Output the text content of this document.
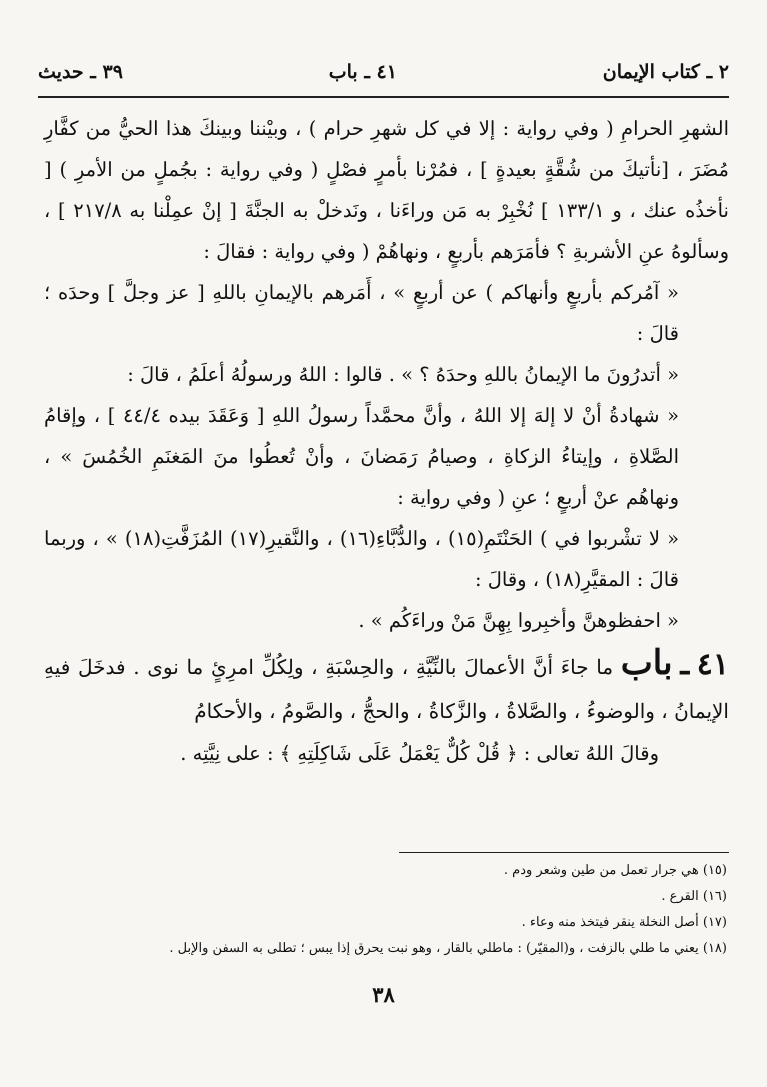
٢ ـ كتاب الإيمان
٤١ ـ باب
٣٩ ـ حديث

الشهرِ الحرامِ ( وفي رواية : إلا في كل شهرِ حرام ) ، وبيْننا وبينكَ هذا الحيُّ من كفَّارِ مُضَرَ ، [نأتيكَ من شُقَّةٍ بعيدةٍ ] ، فمُرْنا بأمرٍ فصْلٍ ( وفي رواية : بجُملٍ من الأمرِ ) [ نأخذُه عنك ، و ١٣٣/١ ] نُخْبِرْ به مَن وراءَنا ، ونَدخلْ به الجنَّةَ [ إنْ عمِلْنا به ٢١٧/٨ ] ، وسألوهُ عنِ الأشربةِ ؟ فأمَرَهم بأربعٍ ، ونهاهُمْ ( وفي رواية : فقالَ :

« آمُركم بأربعٍ وأنهاكم ) عن أربعٍ » ، أَمَرهم بالإيمانِ باللهِ [ عز وجلَّ ] وحدَه ؛ قالَ :

« أتدرُونَ ما الإيمانُ باللهِ وحدَهُ ؟ » . قالوا : اللهُ ورسولُهُ أعلَمُ ، قالَ :

« شهادةُ أنْ لا إلهَ إلا اللهُ ، وأنَّ محمَّداً رسولُ اللهِ [ وَعَقَدَ بيده ٤٤/٤ ] ، وإقامُ الصَّلاةِ ، وإيتاءُ الزكاةِ ، وصيامُ رَمَضانَ ، وأنْ تُعطُوا منَ المَغنَمِ الخُمُسَ » ، ونهاهُم عنْ أربعٍ ؛ عنِ ( وفي رواية :

« لا تشْربوا في ) الحَنْتَمِ(١٥) ، والدُّبَّاءِ(١٦) ، والنَّقيرِ(١٧) المُزَفَّتِ(١٨) » ، وربما قالَ : المقيَّرِ(١٨) ، وقالَ :

« احفظوهنَّ وأخبِروا بِهِنَّ مَنْ وراءَكُم » .

٤١ ـ باب ما جاءَ أنَّ الأعمالَ بالنِّيَّةِ ، والحِسْبَةِ ، ولِكُلِّ امرِئٍ ما نوى . فدخَلَ فيهِ الإيمانُ ، والوضوءُ ، والصَّلاةُ ، والزَّكاةُ ، والحجُّ ، والصَّومُ ، والأحكامُ

وقالَ اللهُ تعالى : ﴿ قُلْ كُلٌّ يَعْمَلُ عَلَى شَاكِلَتِهِ ﴾ : على نِيَّتِه .

(١٥) هي جرار تعمل من طين وشعر ودم .
(١٦) القرع .
(١٧) أصل النخلة ينقر فيتخذ منه وعاء .
(١٨) يعني ما طلي بالزفت ، و(المقيّر) : ماطلي بالقار ، وهو نبت يحرق إذا يبس ؛ تطلى به السفن والإبل .
٣٨
